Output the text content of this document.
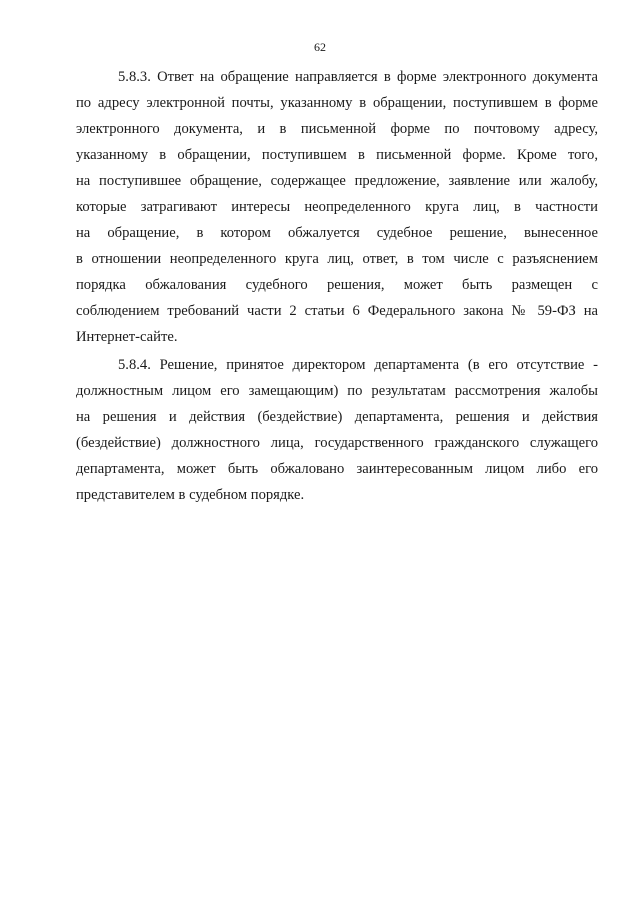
62
5.8.3. Ответ на обращение направляется в форме электронного документа
по адресу электронной почты, указанному в обращении, поступившем в форме
электронного документа, и в письменной форме по почтовому адресу,
указанному в обращении, поступившем в письменной форме. Кроме того,
на поступившее обращение, содержащее предложение, заявление или жалобу,
которые затрагивают интересы неопределенного круга лиц, в частности
на обращение, в котором обжалуется судебное решение, вынесенное
в отношении неопределенного круга лиц, ответ, в том числе с разъяснением
порядка обжалования судебного решения, может быть размещен с
соблюдением требований части 2 статьи 6 Федерального закона № 59-ФЗ на
Интернет-сайте.
5.8.4. Решение, принятое директором департамента (в его отсутствие -
должностным лицом его замещающим) по результатам рассмотрения жалобы
на решения и действия (бездействие) департамента, решения и действия
(бездействие) должностного лица, государственного гражданского служащего
департамента, может быть обжаловано заинтересованным лицом либо его
представителем в судебном порядке.
